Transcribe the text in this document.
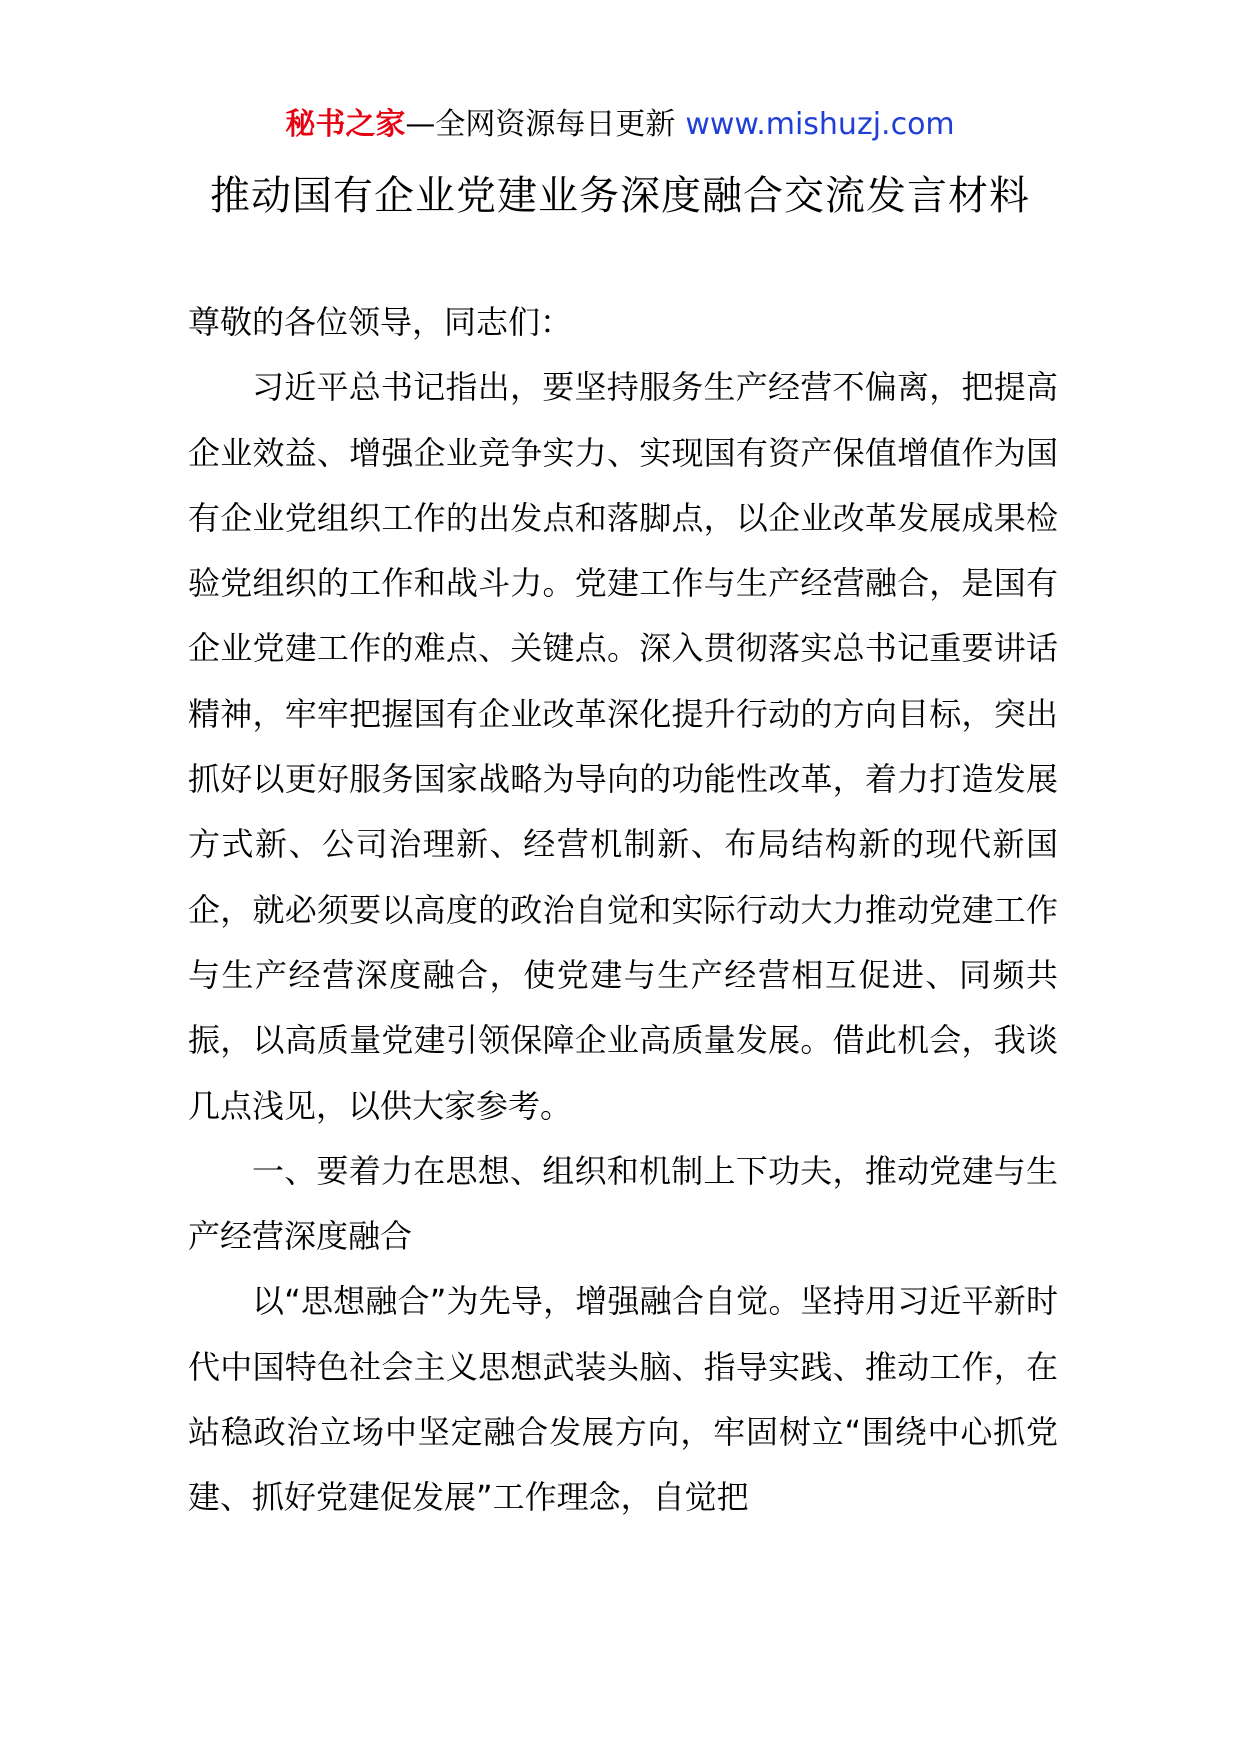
秘书之家—全网资源每日更新 www.mishuzj.com
推动国有企业党建业务深度融合交流发言材料

尊敬的各位领导，同志们：

习近平总书记指出，要坚持服务生产经营不偏离，把提高企业效益、增强企业竞争实力、实现国有资产保值增值作为国有企业党组织工作的出发点和落脚点，以企业改革发展成果检验党组织的工作和战斗力。党建工作与生产经营融合，是国有企业党建工作的难点、关键点。深入贯彻落实总书记重要讲话精神，牢牢把握国有企业改革深化提升行动的方向目标，突出抓好以更好服务国家战略为导向的功能性改革，着力打造发展方式新、公司治理新、经营机制新、布局结构新的现代新国企，就必须要以高度的政治自觉和实际行动大力推动党建工作与生产经营深度融合，使党建与生产经营相互促进、同频共振，以高质量党建引领保障企业高质量发展。借此机会，我谈几点浅见，以供大家参考。

一、要着力在思想、组织和机制上下功夫，推动党建与生产经营深度融合

以“思想融合”为先导，增强融合自觉。坚持用习近平新时代中国特色社会主义思想武装头脑、指导实践、推动工作，在站稳政治立场中坚定融合发展方向，牢固树立“围绕中心抓党建、抓好党建促发展”工作理念，自觉把
